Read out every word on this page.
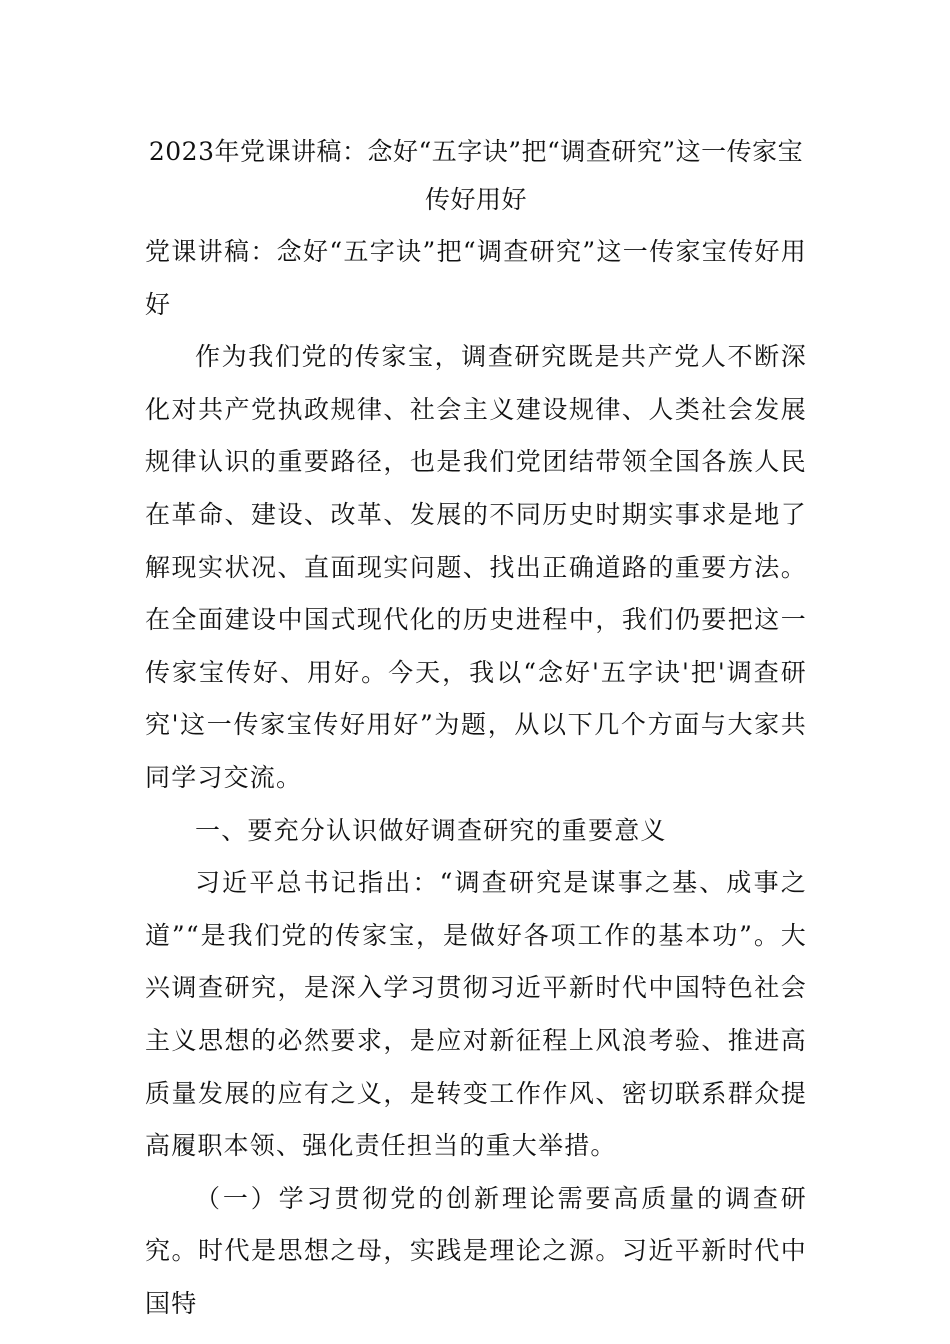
2023年党课讲稿：念好“五字诀”把“调查研究”这一传家宝传好用好

党课讲稿：念好“五字诀”把“调查研究”这一传家宝传好用好

作为我们党的传家宝，调查研究既是共产党人不断深化对共产党执政规律、社会主义建设规律、人类社会发展规律认识的重要路径，也是我们党团结带领全国各族人民在革命、建设、改革、发展的不同历史时期实事求是地了解现实状况、直面现实问题、找出正确道路的重要方法。在全面建设中国式现代化的历史进程中，我们仍要把这一传家宝传好、用好。今天，我以“念好'五字诀'把'调查研究'这一传家宝传好用好”为题，从以下几个方面与大家共同学习交流。

一、要充分认识做好调查研究的重要意义

习近平总书记指出：“调查研究是谋事之基、成事之道”“是我们党的传家宝，是做好各项工作的基本功”。大兴调查研究，是深入学习贯彻习近平新时代中国特色社会主义思想的必然要求，是应对新征程上风浪考验、推进高质量发展的应有之义，是转变工作作风、密切联系群众提高履职本领、强化责任担当的重大举措。

（一）学习贯彻党的创新理论需要高质量的调查研究。时代是思想之母，实践是理论之源。习近平新时代中国特
